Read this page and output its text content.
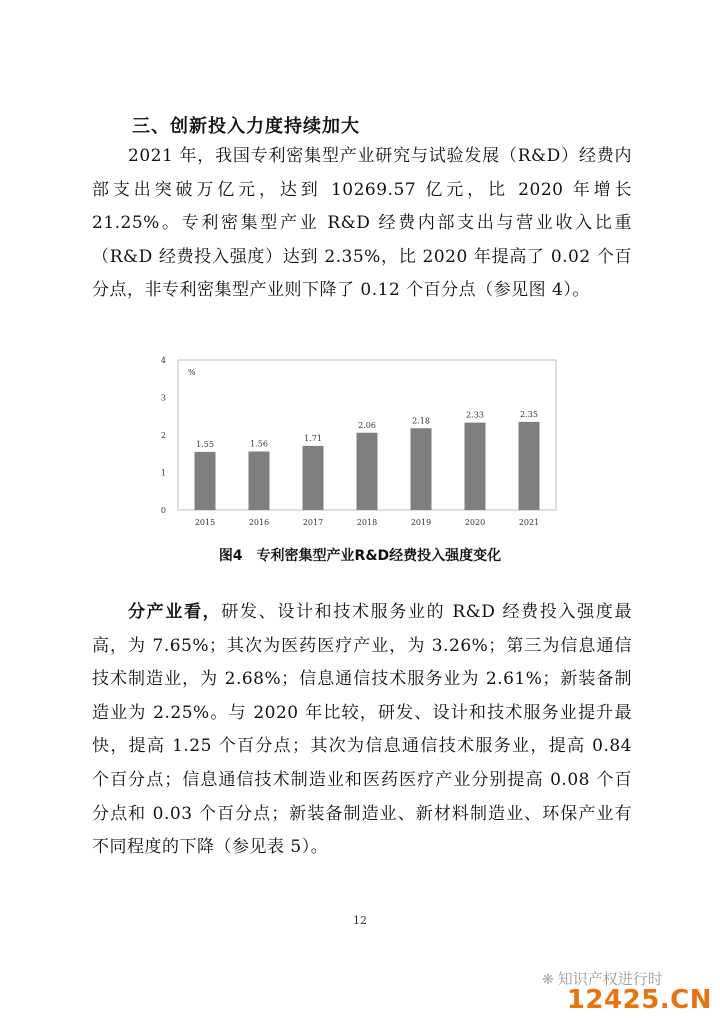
三、创新投入力度持续加大

2021 年，我国专利密集型产业研究与试验发展（R&D）经费内部支出突破万亿元，达到 10269.57 亿元，比 2020 年增长 21.25%。专利密集型产业 R&D 经费内部支出与营业收入比重（R&D 经费投入强度）达到 2.35%，比 2020 年提高了 0.02 个百分点，非专利密集型产业则下降了 0.12 个百分点（参见图 4）。

0
1
2
3
4
%
1.55
2015
1.56
2016
1.71
2017
2.06
2018
2.18
2019
2.33
2020
2.35
2021
图4　专利密集型产业R&D经费投入强度变化

分产业看，研发、设计和技术服务业的 R&D 经费投入强度最高，为 7.65%；其次为医药医疗产业，为 3.26%；第三为信息通信技术制造业，为 2.68%；信息通信技术服务业为 2.61%；新装备制造业为 2.25%。与 2020 年比较，研发、设计和技术服务业提升最快，提高 1.25 个百分点；其次为信息通信技术服务业，提高 0.84 个百分点；信息通信技术制造业和医药医疗产业分别提高 0.08 个百分点和 0.03 个百分点；新装备制造业、新材料制造业、环保产业有不同程度的下降（参见表 5）。

12
❋ 知识产权进行时
12425.CN
